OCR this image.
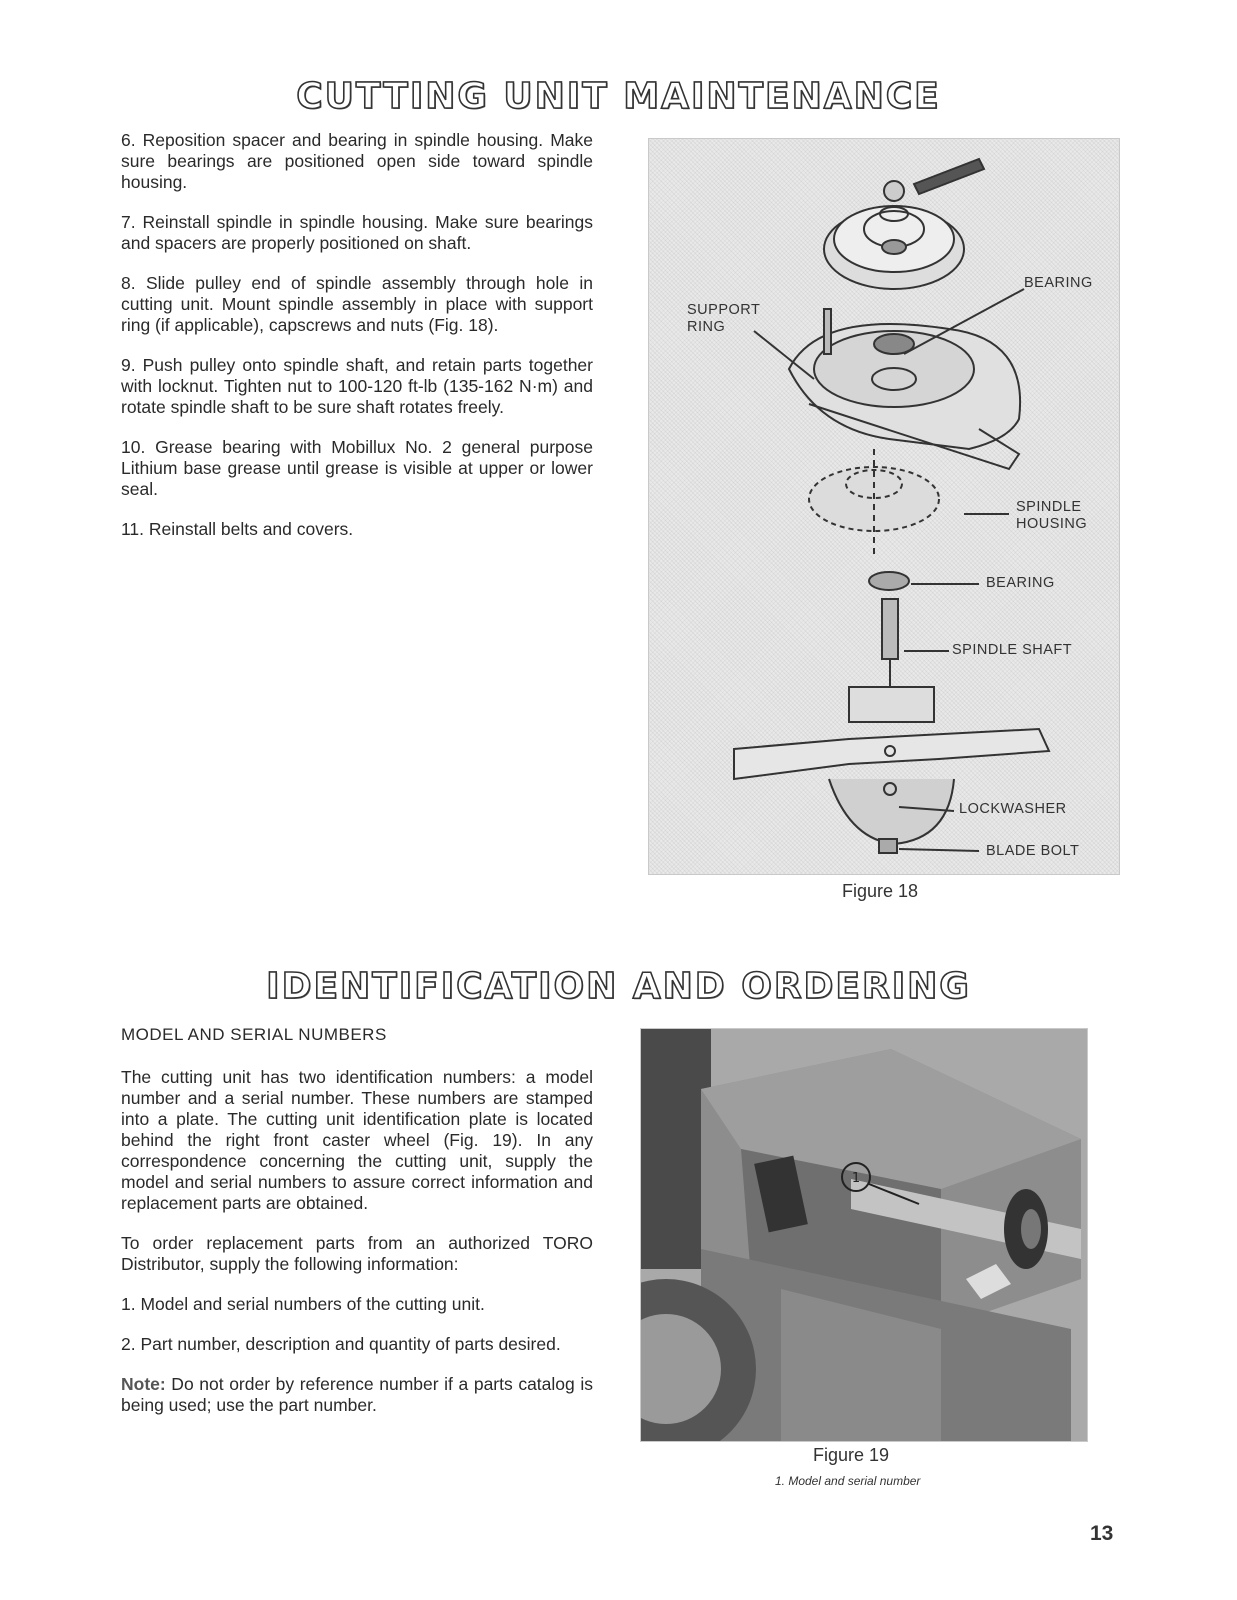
CUTTING UNIT MAINTENANCE

6. Reposition spacer and bearing in spindle housing. Make sure bearings are positioned open side toward spindle housing.

7. Reinstall spindle in spindle housing. Make sure bearings and spacers are properly positioned on shaft.

8. Slide pulley end of spindle assembly through hole in cutting unit. Mount spindle assembly in place with support ring (if applicable), capscrews and nuts (Fig. 18).

9. Push pulley onto spindle shaft, and retain parts together with locknut. Tighten nut to 100-120 ft-lb (135-162 N·m) and rotate spindle shaft to be sure shaft rotates freely.

10. Grease bearing with Mobillux No. 2 general purpose Lithium base grease until grease is visible at upper or lower seal.

11. Reinstall belts and covers.

SUPPORT
RING
BEARING
SPINDLE
HOUSING
BEARING
SPINDLE SHAFT
LOCKWASHER
BLADE BOLT
Figure 18
IDENTIFICATION AND ORDERING

MODEL AND SERIAL NUMBERS

The cutting unit has two identification numbers: a model number and a serial number. These numbers are stamped into a plate. The cutting unit identification plate is located behind the right front caster wheel (Fig. 19). In any correspondence concerning the cutting unit, supply the model and serial numbers to assure correct information and replacement parts are obtained.

To order replacement parts from an authorized TORO Distributor, supply the following information:

1. Model and serial numbers of the cutting unit.

2. Part number, description and quantity of parts desired.

Note: Do not order by reference number if a parts catalog is being used; use the part number.

1
Figure 19
1. Model and serial number
13
